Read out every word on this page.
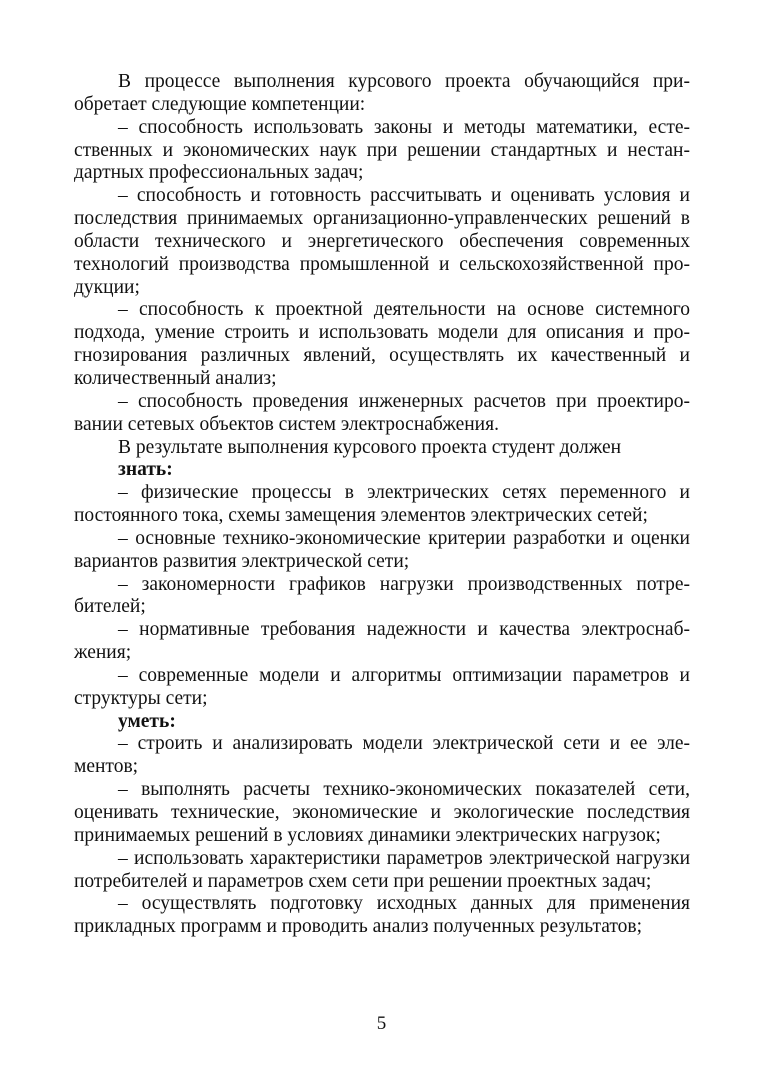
В процессе выполнения курсового проекта обучающийся приобретает следующие компетенции:

– способность использовать законы и методы математики, естественных и экономических наук при решении стандартных и нестандартных профессиональных задач;

– способность и готовность рассчитывать и оценивать условия и последствия принимаемых организационно-управленческих решений в области технического и энергетического обеспечения современных технологий производства промышленной и сельскохозяйственной продукции;

– способность к проектной деятельности на основе системного подхода, умение строить и использовать модели для описания и прогнозирования различных явлений, осуществлять их качественный и количественный анализ;

– способность проведения инженерных расчетов при проектировании сетевых объектов систем электроснабжения.

В результате выполнения курсового проекта студент должен

знать:

– физические процессы в электрических сетях переменного и постоянного тока, схемы замещения элементов электрических сетей;

– основные технико-экономические критерии разработки и оценки вариантов развития электрической сети;

– закономерности графиков нагрузки производственных потребителей;

– нормативные требования надежности и качества электроснабжения;

– современные модели и алгоритмы оптимизации параметров и структуры сети;

уметь:

– строить и анализировать модели электрической сети и ее элементов;

– выполнять расчеты технико-экономических показателей сети, оценивать технические, экономические и экологические последствия принимаемых решений в условиях динамики электрических нагрузок;

– использовать характеристики параметров электрической нагрузки потребителей и параметров схем сети при решении проектных задач;

– осуществлять подготовку исходных данных для применения прикладных программ и проводить анализ полученных результатов;

5
